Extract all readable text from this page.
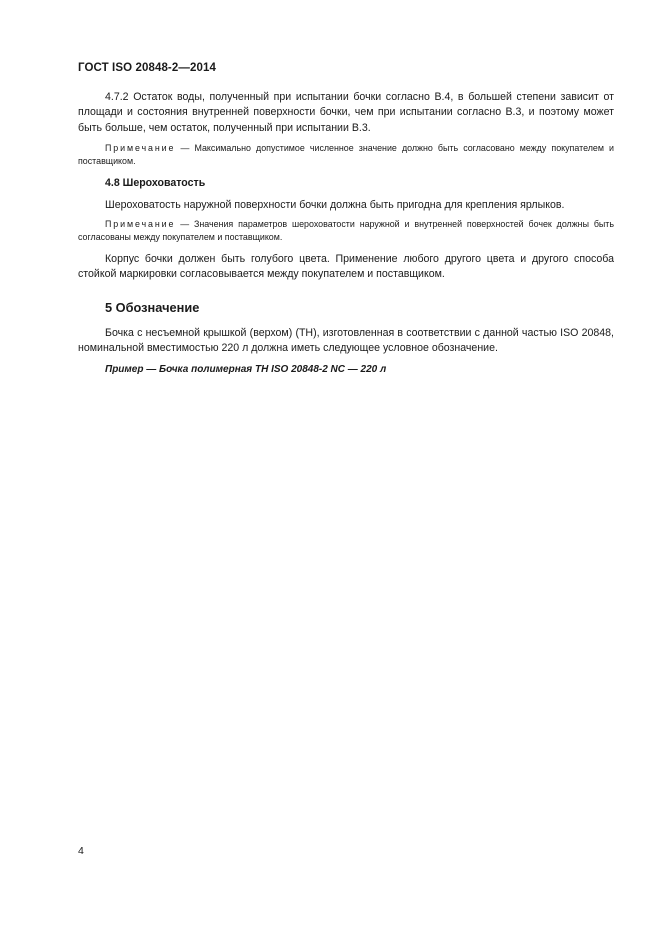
ГОСТ ISO 20848-2—2014

4.7.2 Остаток воды, полученный при испытании бочки согласно В.4, в большей степени зависит от площади и состояния внутренней поверхности бочки, чем при испытании согласно В.3, и поэтому может быть больше, чем остаток, полученный при испытании В.3.

Примечание — Максимально допустимое численное значение должно быть согласовано между покупателем и поставщиком.

4.8 Шероховатость

Шероховатость наружной поверхности бочки должна быть пригодна для крепления ярлыков.

Примечание — Значения параметров шероховатости наружной и внутренней поверхностей бочек должны быть согласованы между покупателем и поставщиком.

Корпус бочки должен быть голубого цвета. Применение любого другого цвета и другого способа стойкой маркировки согласовывается между покупателем и поставщиком.

5 Обозначение

Бочка с несъемной крышкой (верхом) (TH), изготовленная в соответствии с данной частью ISO 20848, номинальной вместимостью 220 л должна иметь следующее условное обозначение.

Пример — Бочка полимерная TH ISO 20848-2 NC — 220 л

4
